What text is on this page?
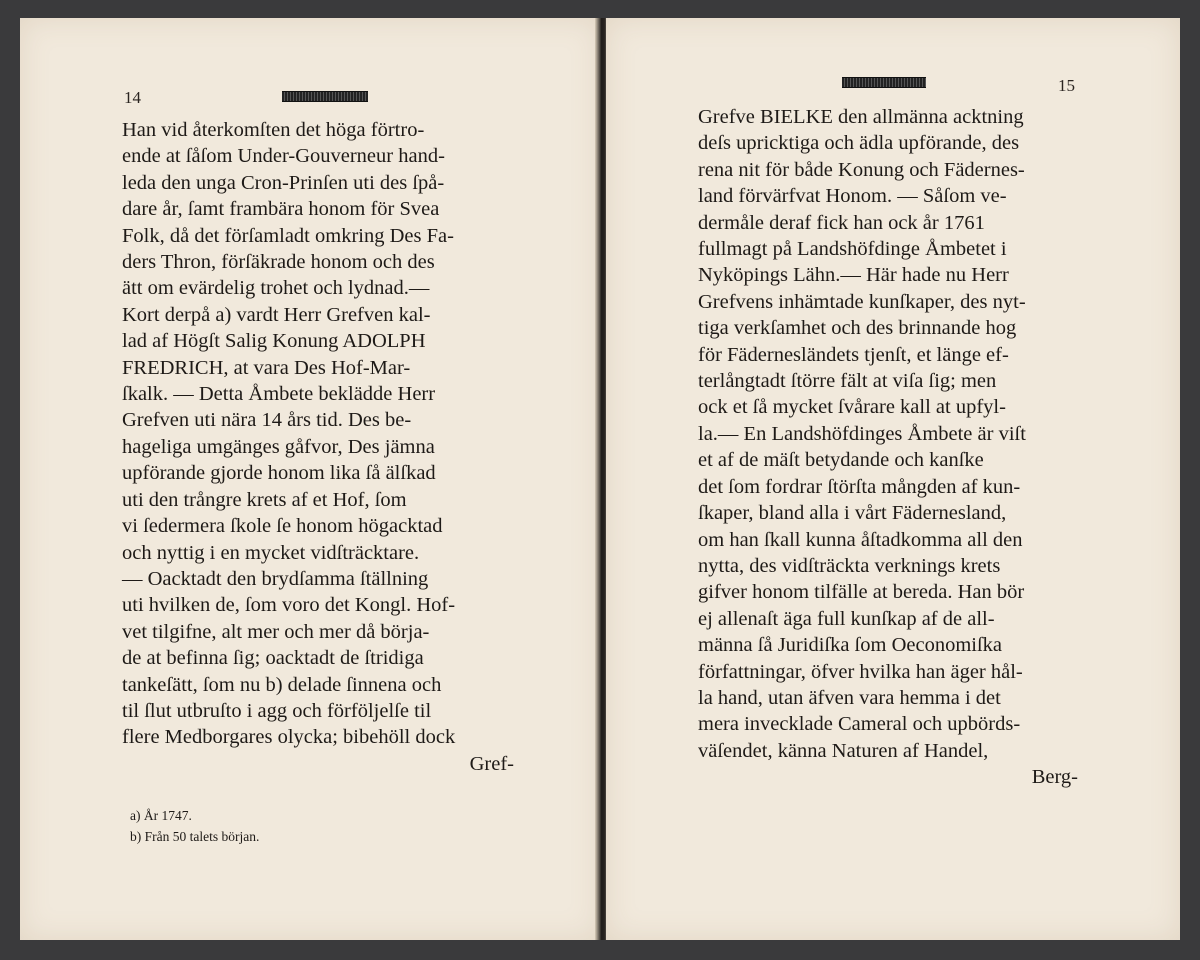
14
Han vid återkomſten det höga förtro-
ende at ſåſom Under-Gouverneur hand-
leda den unga Cron-Prinſen uti des ſpå-
dare år, ſamt frambära honom för Svea
Folk, då det förſamladt omkring Des Fa-
ders Thron, förſäkrade honom och des
ätt om evärdelig trohet och lydnad.—
Kort derpå a) vardt Herr Grefven kal-
lad af Högſt Salig Konung ADOLPH
FREDRICH, at vara Des Hof-Mar-
ſkalk. — Detta Åmbete beklädde Herr
Grefven uti nära 14 års tid. Des be-
hageliga umgänges gåfvor, Des jämna
upförande gjorde honom lika ſå älſkad
uti den trångre krets af et Hof, ſom
vi ſedermera ſkole ſe honom högacktad
och nyttig i en mycket vidſträcktare.
— Oacktadt den brydſamma ſtällning
uti hvilken de, ſom voro det Kongl. Hof-
vet tilgifne, alt mer och mer då börja-
de at befinna ſig; oacktadt de ſtridiga
tankeſätt, ſom nu b) delade ſinnena och
til ſlut utbruſto i agg och förföljelſe til
flere Medborgares olycka; bibehöll dock
Gref-
a) År 1747.
b) Från 50 talets början.
15
Grefve BIELKE den allmänna acktning
deſs upricktiga och ädla upförande, des
rena nit för både Konung och Fädernes-
land förvärfvat Honom. — Såſom ve-
dermåle deraf fick han ock år 1761
fullmagt på Landshöfdinge Åmbetet i
Nyköpings Lähn.— Här hade nu Herr
Grefvens inhämtade kunſkaper, des nyt-
tiga verkſamhet och des brinnande hog
för Fädernesländets tjenſt, et länge ef-
terlångtadt ſtörre fält at viſa ſig; men
ock et ſå mycket ſvårare kall at upfyl-
la.— En Landshöfdinges Åmbete är viſt
et af de mäſt betydande och kanſke
det ſom fordrar ſtörſta mångden af kun-
ſkaper, bland alla i vårt Fädernesland,
om han ſkall kunna åſtadkomma all den
nytta, des vidſträckta verknings krets
gifver honom tilfälle at bereda. Han bör
ej allenaſt äga full kunſkap af de all-
männa ſå Juridiſka ſom Oeconomiſka
författningar, öfver hvilka han äger hål-
la hand, utan äfven vara hemma i det
mera invecklade Cameral och upbörds-
väſendet, känna Naturen af Handel,
Berg-
